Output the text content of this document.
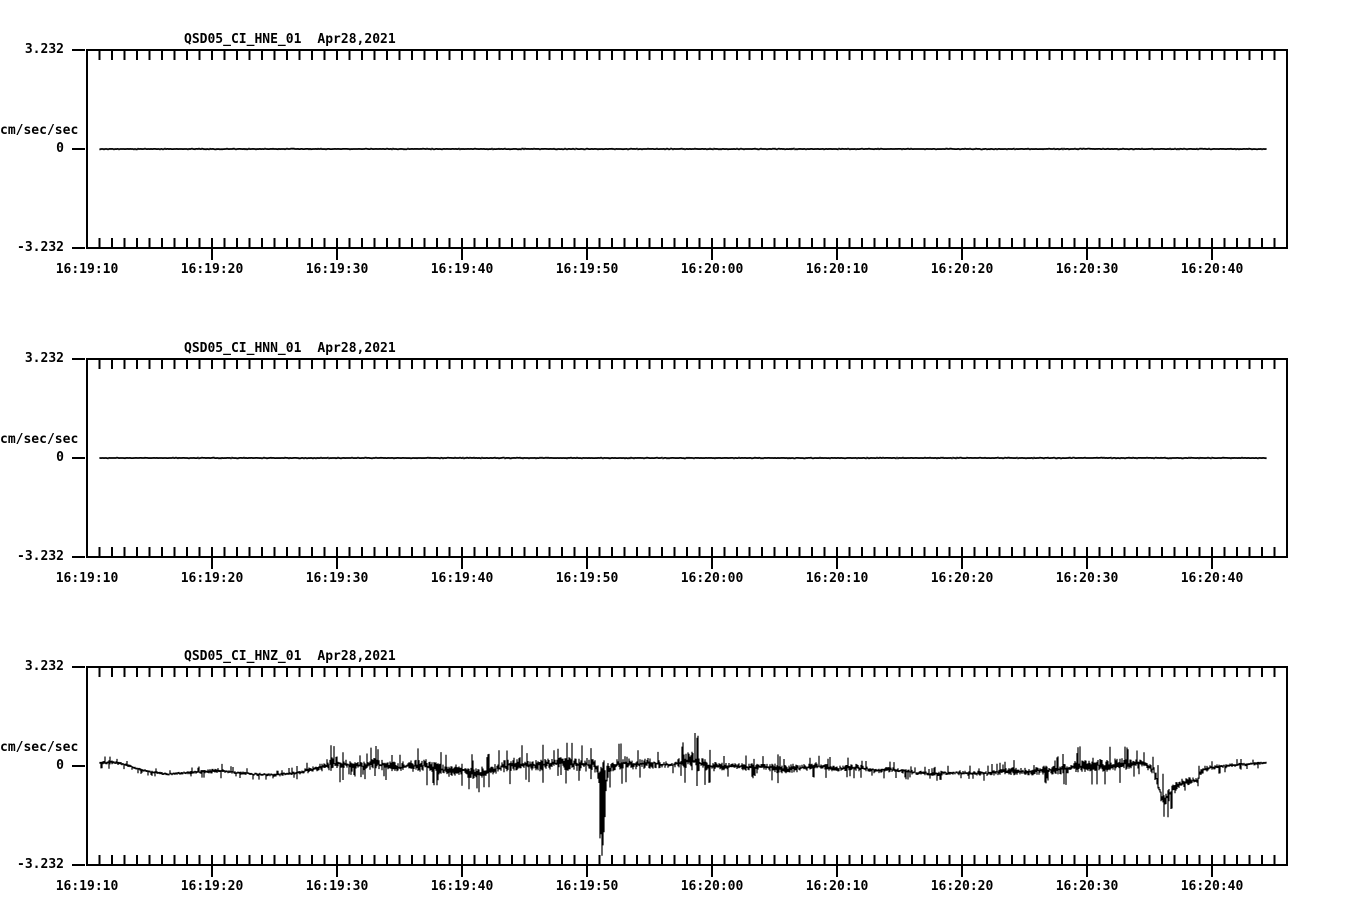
QSD05_CI_HNE_01 Apr28,2021
3.232
cm/sec/sec
0
-3.232
16:19:10	16:19:20	16:19:30	16:19:40	16:19:50	16:20:00	16:20:10	16:20:20	16:20:30	16:20:40
QSD05_CI_HNN_01 Apr28,2021
3.232
cm/sec/sec
0
-3.232
16:19:10	16:19:20	16:19:30	16:19:40	16:19:50	16:20:00	16:20:10	16:20:20	16:20:30	16:20:40
QSD05_CI_HNZ_01 Apr28,2021
3.232
cm/sec/sec
0
-3.232
16:19:10	16:19:20	16:19:30	16:19:40	16:19:50	16:20:00	16:20:10	16:20:20	16:20:30	16:20:40
